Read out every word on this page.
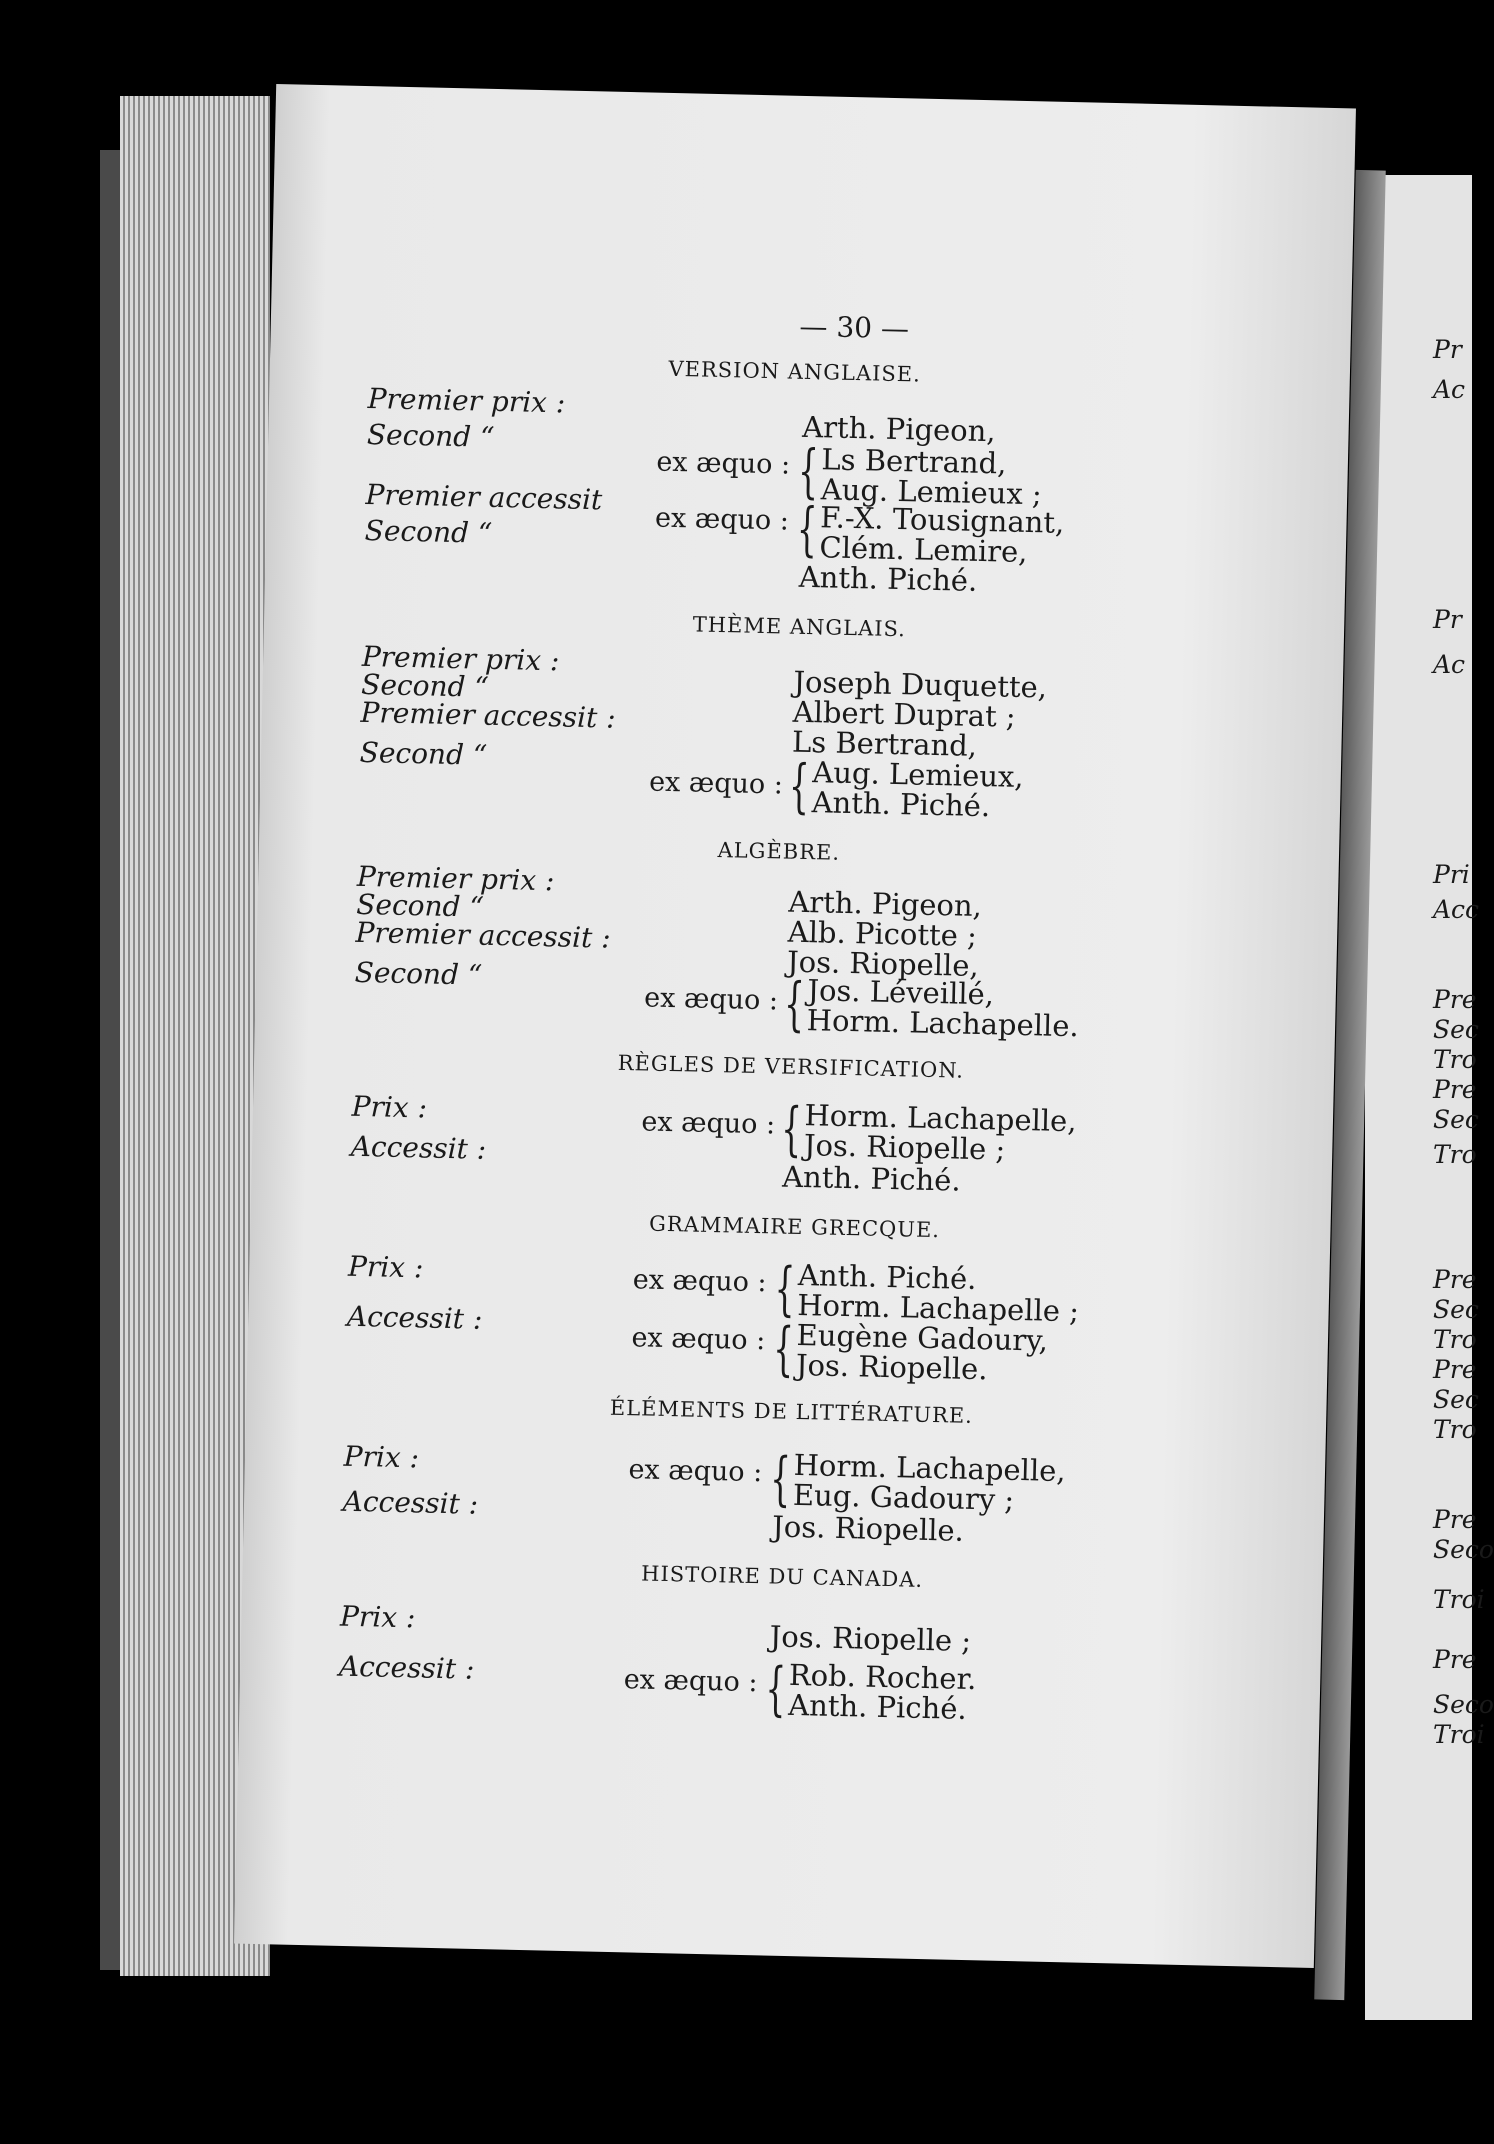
Pr
Ac
Pr
Ac
Pri
Acc
Pre
Sec
Tro
Pre
Sec
Tro
Pre
Sec
Tro
Pre
Sec
Tro
Pre
Seco
Troi
Pre
Seco
Troi
— 30 —
VERSION ANGLAISE.
Premier prix :
Second “
Premier accessit
Second “
Arth. Pigeon,
ex æquo : { Ls Bertrand,
Aug. Lemieux ;
ex æquo : { F.-X. Tousignant,
Clém. Lemire,
Anth. Piché.
THÈME ANGLAIS.
Premier prix :
Second “
Premier accessit :
Second “
Joseph Duquette,
Albert Duprat ;
Ls Bertrand,
ex æquo : { Aug. Lemieux,
Anth. Piché.
ALGÈBRE.
Premier prix :
Second “
Premier accessit :
Second “
Arth. Pigeon,
Alb. Picotte ;
Jos. Riopelle,
ex æquo : { Jos. Léveillé,
Horm. Lachapelle.
RÈGLES DE VERSIFICATION.
Prix :
Accessit :
ex æquo : { Horm. Lachapelle,
Jos. Riopelle ;
Anth. Piché.
GRAMMAIRE GRECQUE.
Prix :
Accessit :
ex æquo : { Anth. Piché.
Horm. Lachapelle ;
ex æquo : { Eugène Gadoury,
Jos. Riopelle.
ÉLÉMENTS DE LITTÉRATURE.
Prix :
Accessit :
ex æquo : { Horm. Lachapelle,
Eug. Gadoury ;
Jos. Riopelle.
HISTOIRE DU CANADA.
Prix :
Accessit :
Jos. Riopelle ;
ex æquo : { Rob. Rocher.
Anth. Piché.
